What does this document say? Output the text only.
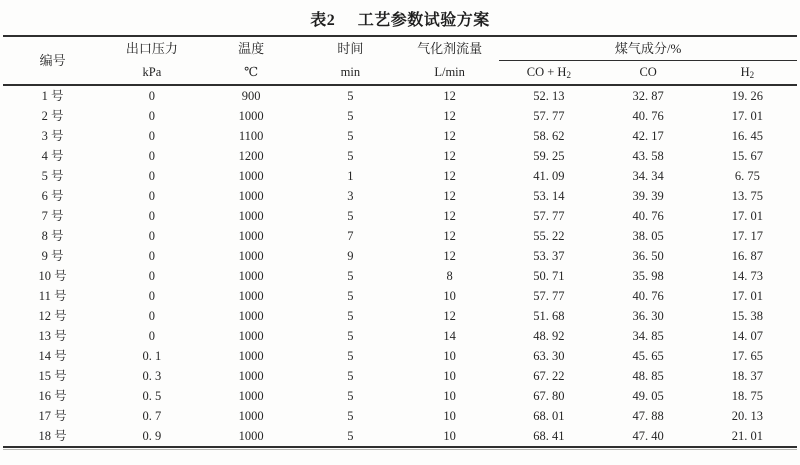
表2 工艺参数试验方案
编号	出口压力	温度	时间	气化剂流量	煤气成分/%		
	kPa	℃	min	L/min	CO + $H_2$	CO	$H_2$
1 号	0	900	5	12	52. 13	32. 87	19. 26
2 号	0	1000	5	12	57. 77	40. 76	17. 01
3 号	0	1100	5	12	58. 62	42. 17	16. 45
4 号	0	1200	5	12	59. 25	43. 58	15. 67
5 号	0	1000	1	12	41. 09	34. 34	6. 75
6 号	0	1000	3	12	53. 14	39. 39	13. 75
7 号	0	1000	5	12	57. 77	40. 76	17. 01
8 号	0	1000	7	12	55. 22	38. 05	17. 17
9 号	0	1000	9	12	53. 37	36. 50	16. 87
10 号	0	1000	5	8	50. 71	35. 98	14. 73
11 号	0	1000	5	10	57. 77	40. 76	17. 01
12 号	0	1000	5	12	51. 68	36. 30	15. 38
13 号	0	1000	5	14	48. 92	34. 85	14. 07
14 号	0. 1	1000	5	10	63. 30	45. 65	17. 65
15 号	0. 3	1000	5	10	67. 22	48. 85	18. 37
16 号	0. 5	1000	5	10	67. 80	49. 05	18. 75
17 号	0. 7	1000	5	10	68. 01	47. 88	20. 13
18 号	0. 9	1000	5	10	68. 41	47. 40	21. 01
